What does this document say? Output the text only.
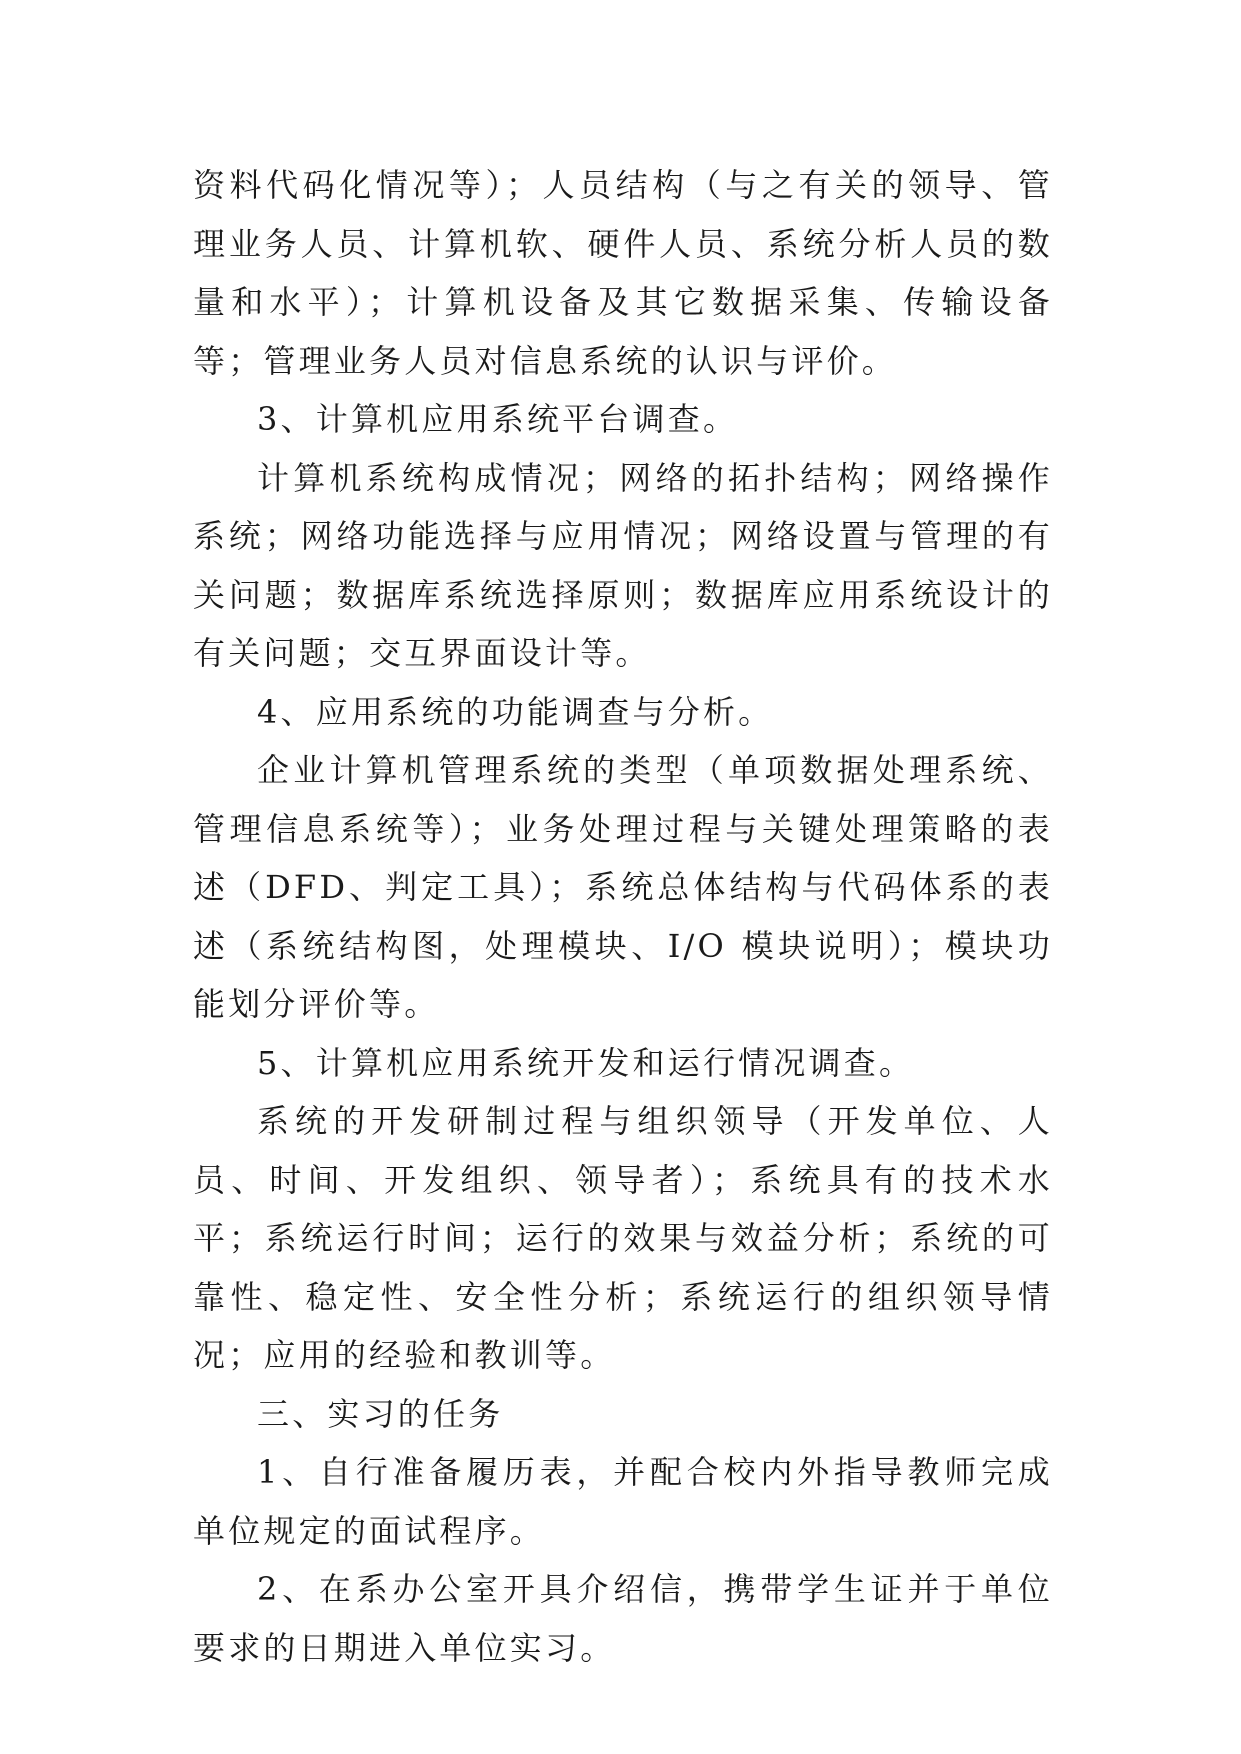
资料代码化情况等）；人员结构（与之有关的领导、管理业务人员、计算机软、硬件人员、系统分析人员的数量和水平）；计算机设备及其它数据采集、传输设备等；管理业务人员对信息系统的认识与评价。

3、计算机应用系统平台调查。

计算机系统构成情况；网络的拓扑结构；网络操作系统；网络功能选择与应用情况；网络设置与管理的有关问题；数据库系统选择原则；数据库应用系统设计的有关问题；交互界面设计等。

4、应用系统的功能调查与分析。

企业计算机管理系统的类型（单项数据处理系统、管理信息系统等）；业务处理过程与关键处理策略的表述（DFD、判定工具）；系统总体结构与代码体系的表述（系统结构图，处理模块、I/O 模块说明）；模块功能划分评价等。

5、计算机应用系统开发和运行情况调查。

系统的开发研制过程与组织领导（开发单位、人员、时间、开发组织、领导者）；系统具有的技术水平；系统运行时间；运行的效果与效益分析；系统的可靠性、稳定性、安全性分析；系统运行的组织领导情况；应用的经验和教训等。

三、实习的任务

1、自行准备履历表，并配合校内外指导教师完成单位规定的面试程序。

2、在系办公室开具介绍信，携带学生证并于单位要求的日期进入单位实习。
